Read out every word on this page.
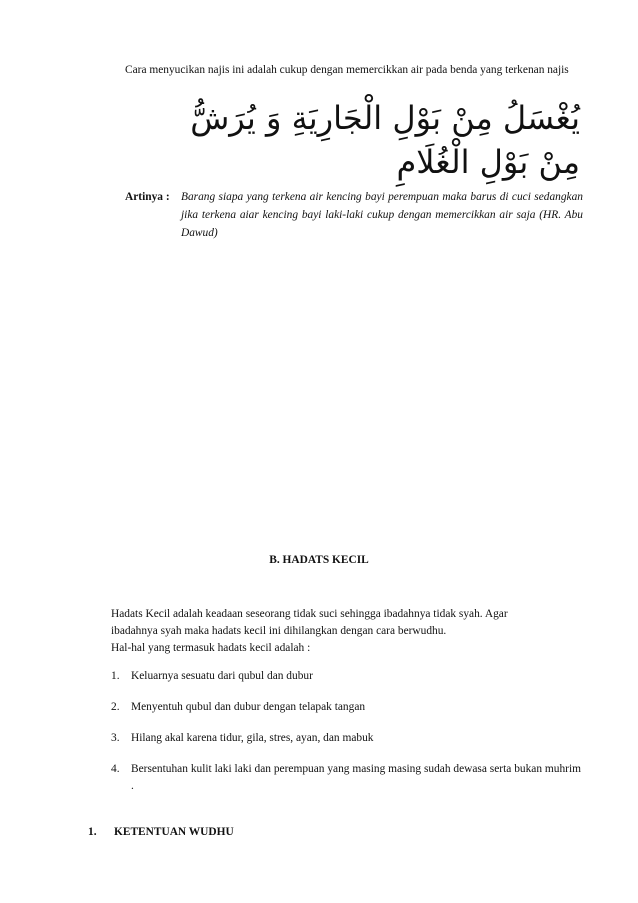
Cara menyucikan najis ini adalah cukup dengan memercikkan air pada benda yang terkenan najis
يُغْسَلُ مِنْ بَوْلِ الْجَارِيَةِ وَ يُرَشُّ
مِنْ بَوْلِ الْغُلَامِ
Artinya : Barang siapa yang terkena air kencing bayi perempuan maka barus di cuci sedangkan jika terkena aiar kencing bayi laki-laki cukup dengan memercikkan air saja (HR. Abu Dawud)
B. HADATS KECIL
Hadats Kecil adalah keadaan seseorang tidak suci sehingga ibadahnya tidak syah. Agar
ibadahnya syah maka hadats kecil ini dihilangkan dengan cara berwudhu.
Hal-hal yang termasuk hadats kecil adalah :
1. Keluarnya sesuatu dari qubul dan dubur
2. Menyentuh qubul dan dubur dengan telapak tangan
3. Hilang akal karena tidur, gila, stres, ayan, dan mabuk
4. Bersentuhan kulit laki laki dan perempuan yang masing masing sudah dewasa serta bukan muhrim .
1. KETENTUAN WUDHU
